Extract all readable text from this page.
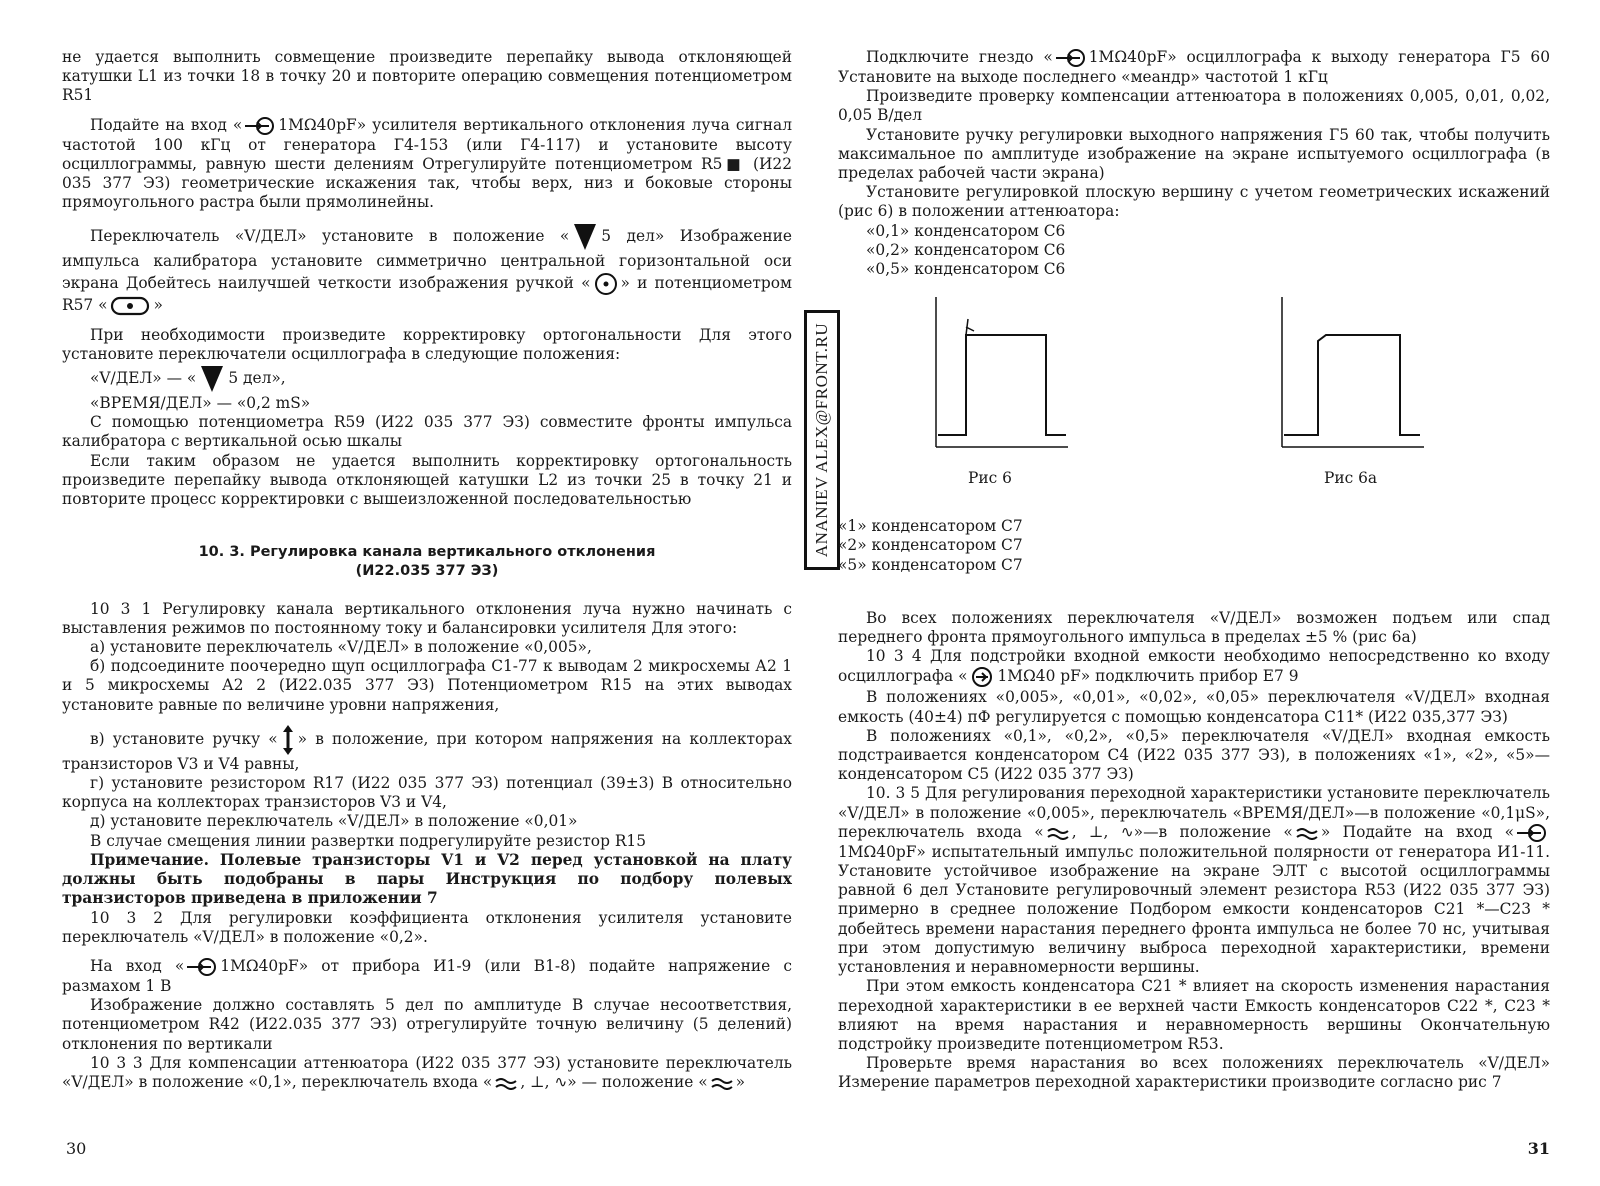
не удается выполнить совмещение произведите перепайку вывода отклоняющей катушки L1 из точки 18 в точку 20 и повторите операцию совмещения потенциометром R51

Подайте на вход « 1MΩ40pF» усилителя вертикального отклонения луча сигнал частотой 100 кГц от генератора Г4-153 (или Г4-117) и установите высоту осциллограммы, равную шести делениям Отрегулируйте потенциометром R5■ (И22 035 377 ЭЗ) геометрические искажения так, чтобы верх, низ и боковые стороны прямоугольного растра были прямолинейны.

Переключатель «V/ДЕЛ» установите в положение « 5 дел» Изображение импульса калибратора установите симметрично центральной горизонтальной оси экрана Добейтесь наилучшей четкости изображения ручкой « » и потенциометром R57 «	»

При необходимости произведите корректировку ортогональности Для этого установите переключатели осциллографа в следующие положения:

«V/ДЕЛ» — « 5 дел»,

«ВРЕМЯ/ДЕЛ» — «0,2 mS»

С помощью потенциометра R59 (И22 035 377 ЭЗ) совместите фронты импульса калибратора с вертикальной осью шкалы

Если таким образом не удается выполнить корректировку ортогональность произведите перепайку вывода отклоняющей катушки L2 из точки 25 в точку 21 и повторите процесс корректировки с вышеизложенной последовательностью

10. 3. Регулировка канала вертикального отклонения
(И22.035 377 ЭЗ)

10 3 1 Регулировку канала вертикального отклонения луча нужно начинать с выставления режимов по постоянному току и балансировки усилителя Для этого:

а) установите переключатель «V/ДЕЛ» в положение «0,005»,

б) подсоедините поочередно щуп осциллографа С1-77 к выводам 2 микросхемы А2 1 и 5 микросхемы А2 2 (И22.035 377 ЭЗ) Потенциометром R15 на этих выводах установите равные по величине уровни напряжения,

в) установите ручку « » в положение, при котором напряжения на коллекторах транзисторов V3 и V4 равны,

г) установите резистором R17 (И22 035 377 ЭЗ) потенциал (39±3) В относительно корпуса на коллекторах транзисторов V3 и V4,

д) установите переключатель «V/ДЕЛ» в положение «0,01»

В случае смещения линии развертки подрегулируйте резистор R15

Примечание. Полевые транзисторы V1 и V2 перед установкой на плату должны быть подобраны в пары Инструкция по подбору полевых транзисторов приведена в приложении 7

10 3 2 Для регулировки коэффициента отклонения усилителя установите переключатель «V/ДЕЛ» в положение «0,2».

На вход « 1MΩ40pF» от прибора И1-9 (или В1-8) подайте напряжение с размахом 1 В

Изображение должно составлять 5 дел по амплитуде В случае несоответствия, потенциометром R42 (И22.035 377 ЭЗ) отрегулируйте точную величину (5 делений) отклонения по вертикали

10 3 3 Для компенсации аттенюатора (И22 035 377 ЭЗ) установите переключатель «V/ДЕЛ» в положение «0,1», переключатель входа « , ⊥, ∿» — положение « »

30
ANANIEV ALEX@FRONT.RU

Подключите гнездо « 1MΩ40pF» осциллографа к выходу генератора Г5 60 Установите на выходе последнего «меандр» частотой 1 кГц

Произведите проверку компенсации аттенюатора в положениях 0,005, 0,01, 0,02, 0,05 В/дел

Установите ручку регулировки выходного напряжения Г5 60 так, чтобы получить максимальное по амплитуде изображение на экране испытуемого осциллографа (в пределах рабочей части экрана)

Установите регулировкой плоскую вершину с учетом геометрических искажений (рис 6) в положении аттенюатора:

«0,1» конденсатором С6

«0,2» конденсатором С6

«0,5» конденсатором С6

Рис 6	Рис 6а

«1» конденсатором С7

«2» конденсатором С7

«5» конденсатором С7

Во всех положениях переключателя «V/ДЕЛ» возможен подъем или спад переднего фронта прямоугольного импульса в пределах ±5 % (рис 6а)

10 3 4 Для подстройки входной емкости необходимо непосредственно ко входу осциллографа « 1MΩ40 pF» подключить прибор Е7 9

В положениях «0,005», «0,01», «0,02», «0,05» переключателя «V/ДЕЛ» входная емкость (40±4) пФ регулируется с помощью конденсатора С11* (И22 035,377 ЭЗ)

В положениях «0,1», «0,2», «0,5» переключателя «V/ДЕЛ» входная емкость подстраивается конденсатором С4 (И22 035 377 ЭЗ), в положениях «1», «2», «5»—конденсатором С5 (И22 035 377 ЭЗ)

10. 3 5 Для регулирования переходной характеристики установите переключатель «V/ДЕЛ» в положение «0,005», переключатель «ВРЕМЯ/ДЕЛ»—в положение «0,1μS», переключатель входа « , ⊥, ∿»—в положение « » Подайте на вход «1MΩ40pF» испытательный импульс положительной полярности от генератора И1-11. Установите устойчивое изображение на экране ЭЛТ с высотой осциллограммы равной 6 дел Установите регулировочный элемент резистора R53 (И22 035 377 ЭЗ) примерно в среднее положение Подбором емкости конденсаторов С21 *—С23 * добейтесь времени нарастания переднего фронта импульса не более 70 нс, учитывая при этом допустимую величину выброса переходной характеристики, времени установления и неравномерности вершины.

При этом емкость конденсатора С21 * влияет на скорость изменения нарастания переходной характеристики в ее верхней части Емкость конденсаторов С22 *, С23 * влияют на время нарастания и неравномерность вершины Окончательную подстройку произведите потенциометром R53.

Проверьте время нарастания во всех положениях переключатель «V/ДЕЛ» Измерение параметров переходной характеристики производите согласно рис 7

31
